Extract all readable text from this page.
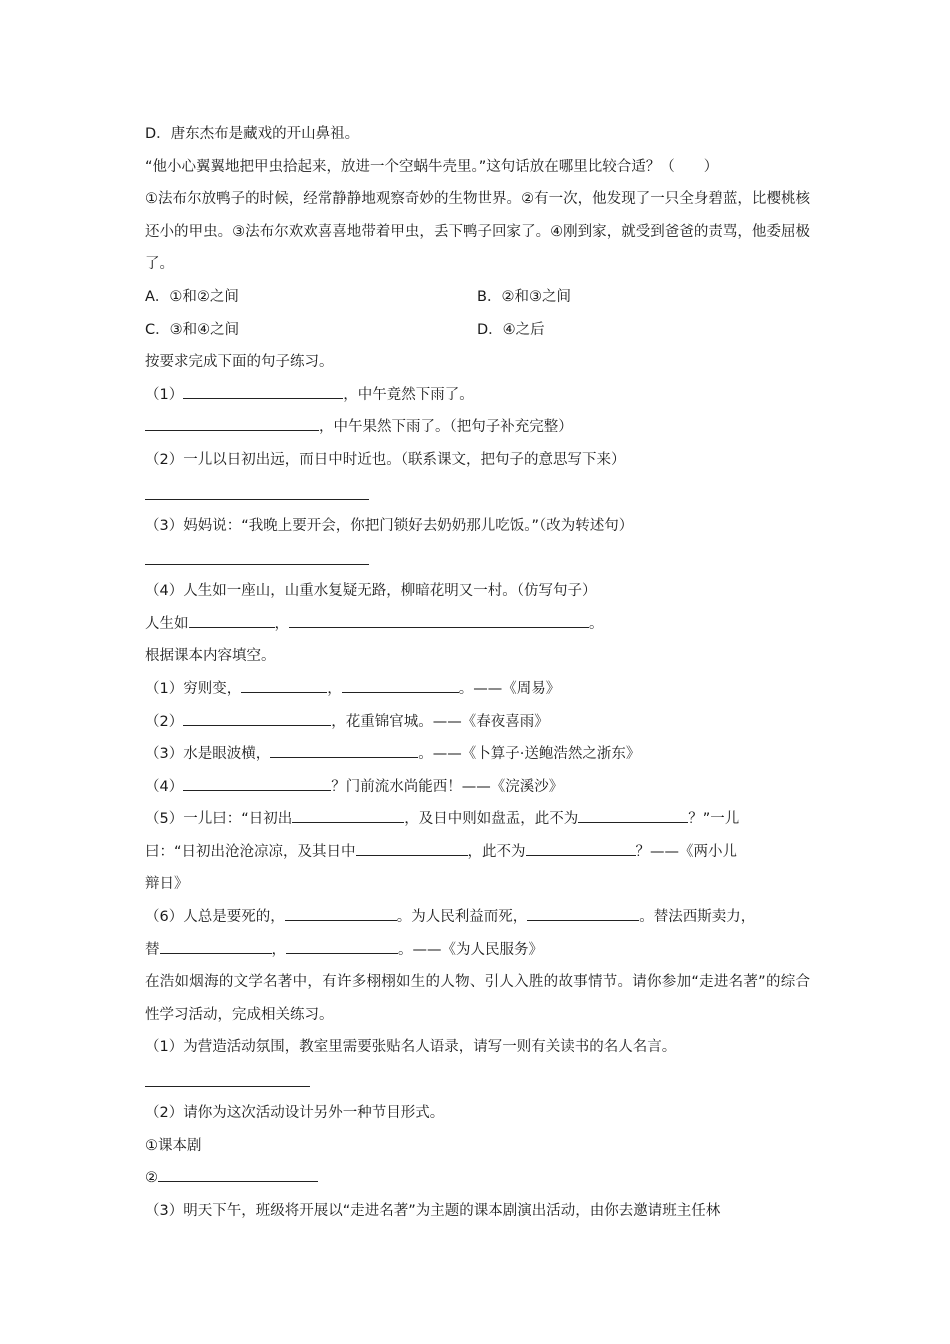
D．唐东杰布是藏戏的开山鼻祖。
“他小心翼翼地把甲虫拾起来，放进一个空蜗牛壳里。”这句话放在哪里比较合适？（　　）
①法布尔放鸭子的时候，经常静静地观察奇妙的生物世界。②有一次，他发现了一只全身碧蓝，比樱桃核还小的甲虫。③法布尔欢欢喜喜地带着甲虫，丢下鸭子回家了。④刚到家，就受到爸爸的责骂，他委屈极了。
A．①和②之间	B．②和③之间
C．③和④之间	D．④之后
按要求完成下面的句子练习。
（1）	，中午竟然下雨了。
，中午果然下雨了。（把句子补充完整）
（2）一儿以日初出远，而日中时近也。（联系课文，把句子的意思写下来）
（3）妈妈说：“我晚上要开会，你把门锁好去奶奶那儿吃饭。”（改为转述句）
（4）人生如一座山，山重水复疑无路，柳暗花明又一村。（仿写句子）
人生如	，	。
根据课本内容填空。
（1）穷则变，	，	。——《周易》
（2）	，花重锦官城。——《春夜喜雨》
（3）水是眼波横，	。——《卜算子·送鲍浩然之浙东》
（4）	？门前流水尚能西！——《浣溪沙》
（5）一儿曰：“日初出	，及日中则如盘盂，此不为	？”一儿
曰：“日初出沧沧凉凉，及其日中	，此不为	？——《两小儿
辩日》
（6）人总是要死的，	。为人民利益而死，	。替法西斯卖力，
替	，	。——《为人民服务》
在浩如烟海的文学名著中，有许多栩栩如生的人物、引人入胜的故事情节。请你参加“走进名著”的综合性学习活动，完成相关练习。
（1）为营造活动氛围，教室里需要张贴名人语录，请写一则有关读书的名人名言。
（2）请你为这次活动设计另外一种节目形式。
①课本剧
②
（3）明天下午，班级将开展以“走进名著”为主题的课本剧演出活动，由你去邀请班主任林
